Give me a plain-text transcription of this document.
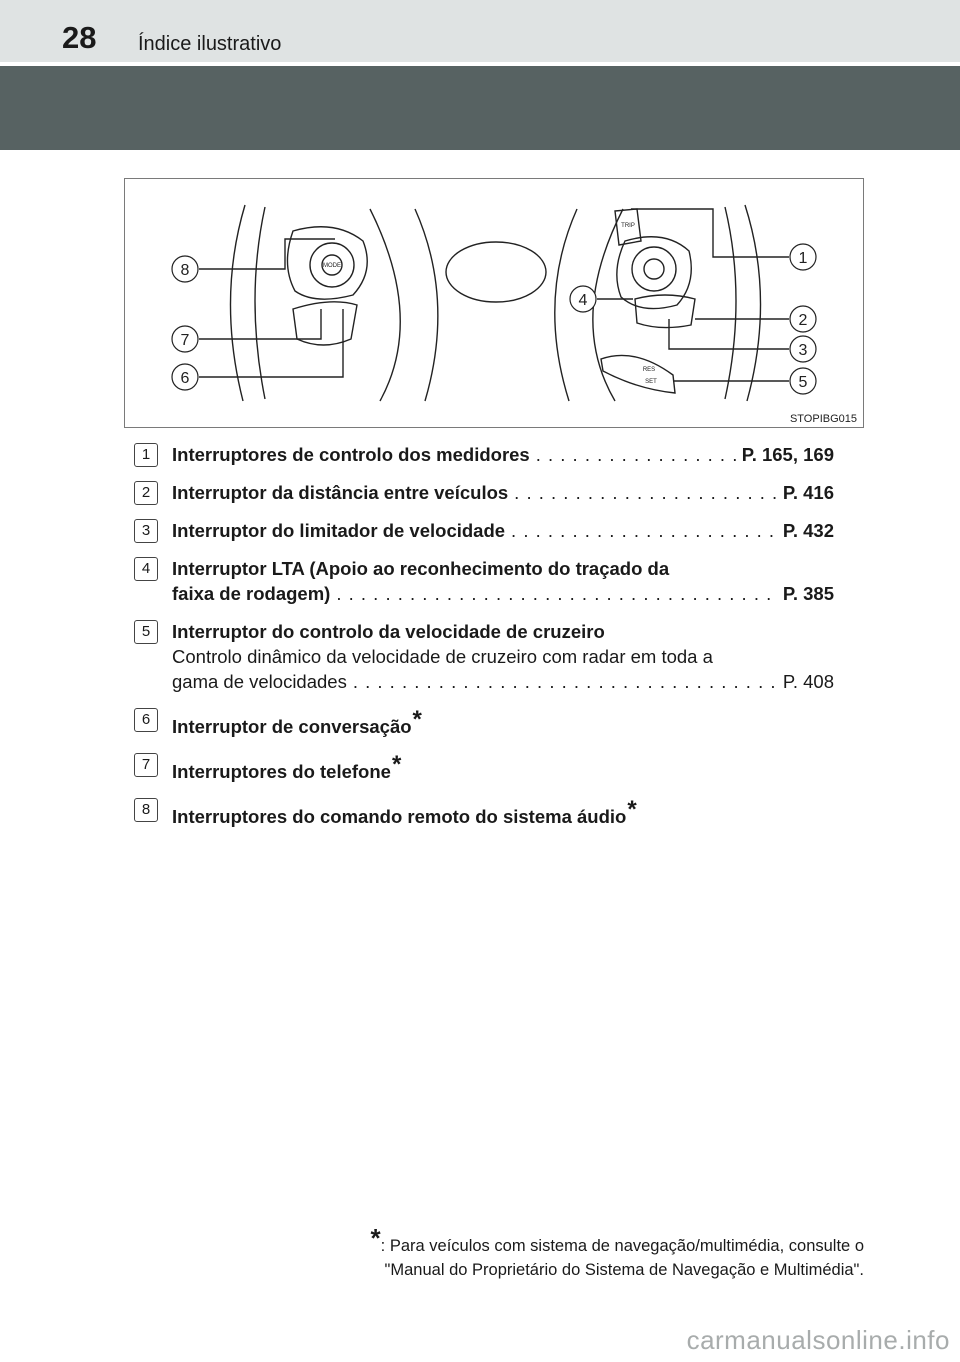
28 Índice ilustrativo
8
7
6
4
1
2
3
5
MODE
TRIP
RES
SET
STOPIBG015
1	Interruptores de controlo dos medidores . . .	P. 165, 169
2	Interruptor da distância entre veículos . . .	P. 416
3	Interruptor do limitador de velocidade . . .	P. 432
4	Interruptor LTA (Apoio ao reconhecimento do traçado da
faixa de rodagem) . . .	P. 385
5	Interruptor do controlo da velocidade de cruzeiro
Controlo dinâmico da velocidade de cruzeiro com radar em toda a
gama de velocidades . . .	P. 408
6	Interruptor de conversação*
7	Interruptores do telefone*
8	Interruptores do comando remoto do sistema áudio*
*: Para veículos com sistema de navegação/multimédia, consulte o
"Manual do Proprietário do Sistema de Navegação e Multimédia".
carmanualsonline.info
